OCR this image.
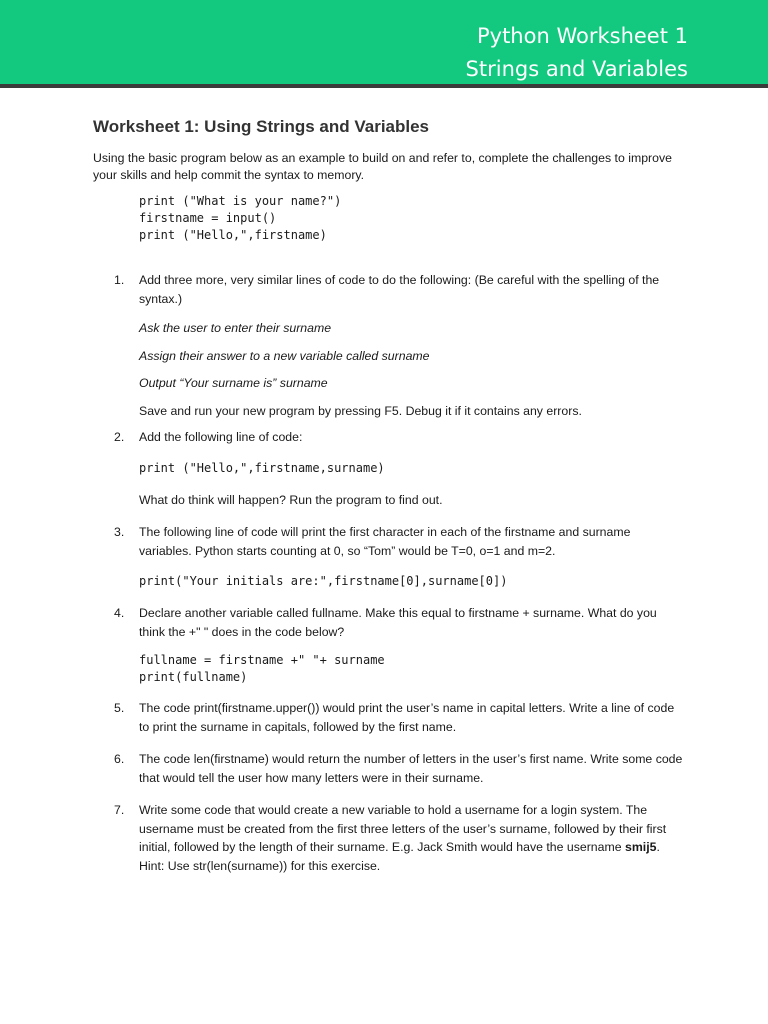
Python Worksheet 1
Strings and Variables
Worksheet 1: Using Strings and Variables

Using the basic program below as an example to build on and refer to, complete the challenges to improve your skills and help commit the syntax to memory.

print ("What is your name?")
firstname = input()
print ("Hello,",firstname)
1. Add three more, very similar lines of code to do the following: (Be careful with the spelling of the syntax.)

Ask the user to enter their surname

Assign their answer to a new variable called surname

Output “Your surname is” surname

Save and run your new program by pressing F5. Debug it if it contains any errors.

2. Add the following line of code:

print ("Hello,",firstname,surname)

What do think will happen? Run the program to find out.

3. The following line of code will print the first character in each of the firstname and surname variables. Python starts counting at 0, so “Tom” would be T=0, o=1 and m=2.

print("Your initials are:",firstname[0],surname[0])
4. Declare another variable called fullname. Make this equal to firstname + surname. What do you think the +" " does in the code below?

fullname = firstname +" "+ surname
print(fullname)
5. The code print(firstname.upper()) would print the user’s name in capital letters. Write a line of code to print the surname in capitals, followed by the first name.

6. The code len(firstname) would return the number of letters in the user’s first name. Write some code that would tell the user how many letters were in their surname.

7. Write some code that would create a new variable to hold a username for a login system. The username must be created from the first three letters of the user’s surname, followed by their first initial, followed by the length of their surname. E.g. Jack Smith would have the username smij5. Hint: Use str(len(surname)) for this exercise.
